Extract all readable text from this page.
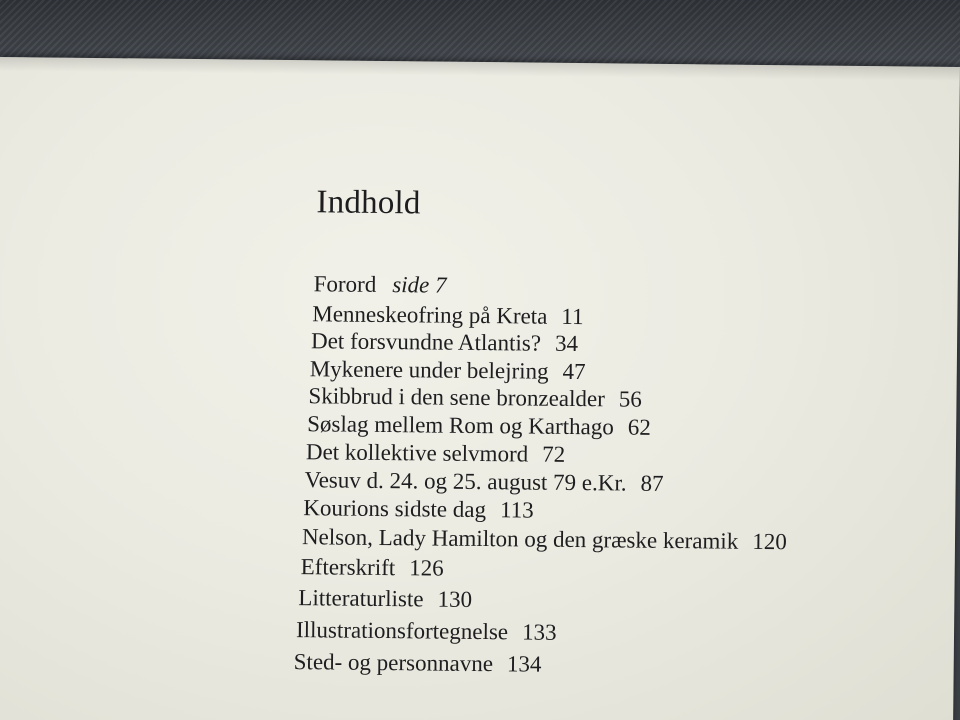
Indhold
Forord side 7
Menneskeofring på Kreta 11
Det forsvundne Atlantis? 34
Mykenere under belejring 47
Skibbrud i den sene bronzealder 56
Søslag mellem Rom og Karthago 62
Det kollektive selvmord 72
Vesuv d. 24. og 25. august 79 e.Kr. 87
Kourions sidste dag 113
Nelson, Lady Hamilton og den græske keramik 120
Efterskrift 126
Litteraturliste 130
Illustrationsfortegnelse 133
Sted- og personnavne 134
